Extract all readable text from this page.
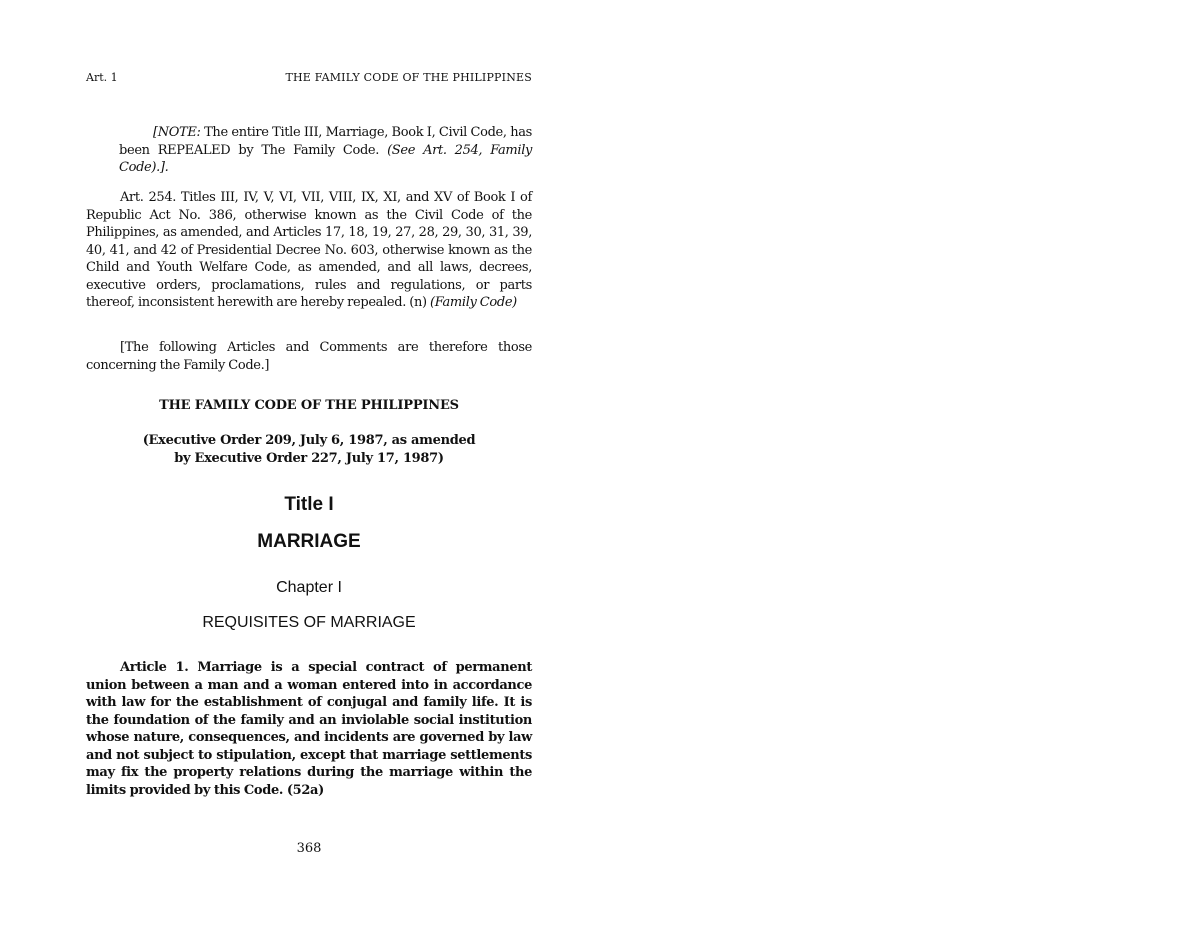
Art. 1	THE FAMILY CODE OF THE PHILIPPINES
[NOTE: The entire Title III, Marriage, Book I, Civil Code, has been REPEALED by The Family Code. (See Art. 254, Family Code).].
Art. 254. Titles III, IV, V, VI, VII, VIII, IX, XI, and XV of Book I of Republic Act No. 386, otherwise known as the Civil Code of the Philippines, as amended, and Articles 17, 18, 19, 27, 28, 29, 30, 31, 39, 40, 41, and 42 of Presidential Decree No. 603, otherwise known as the Child and Youth Welfare Code, as amended, and all laws, decrees, executive orders, proclamations, rules and regulations, or parts thereof, inconsistent herewith are hereby repealed. (n) (Family Code)
[The following Articles and Comments are therefore those concerning the Family Code.]
THE FAMILY CODE OF THE PHILIPPINES
(Executive Order 209, July 6, 1987, as amended
by Executive Order 227, July 17, 1987)
Title I
MARRIAGE
Chapter I
REQUISITES OF MARRIAGE
Article 1. Marriage is a special contract of permanent union between a man and a woman entered into in accordance with law for the establishment of conjugal and family life. It is the foundation of the family and an inviolable social institution whose nature, consequences, and incidents are governed by law and not subject to stipulation, except that marriage settlements may fix the property relations during the marriage within the limits provided by this Code. (52a)
368
